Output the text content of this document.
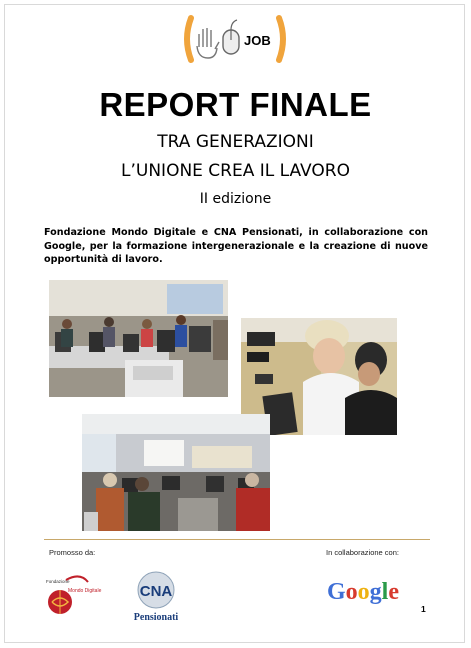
JOB
REPORT FINALE
TRA GENERAZIONI
L’UNIONE CREA IL LAVORO
II edizione
Fondazione Mondo Digitale e CNA Pensionati, in collaborazione con Google, per la formazione intergenerazionale e la creazione di nuove opportunità di lavoro.
Promosso da:	In collaborazione con:
Fondazione
Mondo Digitale	CNA
Pensionati
Google
1
